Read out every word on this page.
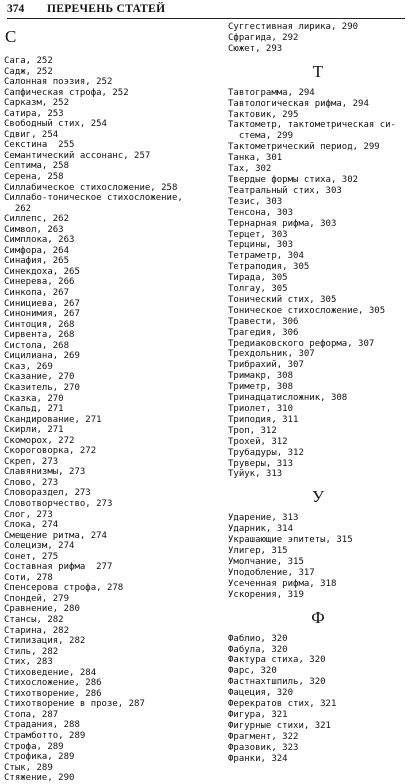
374 ПЕРЕЧЕНЬ СТАТЕЙ
С
Сага, 252
Садж, 252
Салонная поэзия, 252
Сапфическая строфа, 252
Сарказм, 252
Сатира, 253
Свободный стих, 254
Сдвиг, 254
Секстина  255
Семантический ассонанс, 257
Септима, 258
Серена, 258
Силлабическое стихосложение, 258
Силлабо-тоническое стихосложение,
262
Силлепс, 262
Символ, 263
Симплока, 263
Симфора, 264
Синафия, 265
Синекдоха, 265
Синерева, 266
Синкопа, 267
Синициева, 267
Синонимия, 267
Синтоция, 268
Сирвента, 268
Систола, 268
Сицилиана, 269
Сказ, 269
Сказание, 270
Сказитель, 270
Сказка, 270
Скальд, 271
Скандирование, 271
Скирли, 271
Скоморох, 272
Скороговорка, 272
Скреп, 273
Славянизмы, 273
Слово, 273
Словораздел, 273
Словотворчество, 273
Слог, 273
Слока, 274
Смещение ритма, 274
Солецизм, 274
Сонет, 275
Составная рифма  277
Соти, 278
Спенсерова строфа, 278
Спондей, 279
Сравнение, 280
Стансы, 282
Старина, 282
Стилизация, 282
Стиль, 282
Стих, 283
Стиховедение, 284
Стихосложение, 286
Стихотворение, 286
Стихотворение в прозе, 287
Стопа, 287
Страдания, 288
Страмботто, 289
Строфа, 289
Строфика, 289
Стык, 289
Стяжение, 290
Суггестивная лирика, 290
Сфрагида, 292
Сюжет, 293
Т
Тавтограмма, 294
Тавтологическая рифма, 294
Тактовик, 295
Тактометр, тактометрическая си-
стема, 299
Тактометрический период, 299
Танка, 301
Тах, 302
Твердые формы стиха, 302
Театральный стих, 303
Тезис, 303
Тенсона, 303
Тернарная рифма, 303
Терцет, 303
Терцины, 303
Тетраметр, 304
Тетраподия, 305
Тирада, 305
Толгау, 305
Тонический стих, 305
Тоническое стихосложение, 305
Травести, 306
Трагедия, 306
Тредиаковского реформа, 307
Трехдольник, 307
Трибрахий, 307
Тримакр, 308
Триметр, 308
Тринадцатисложник, 308
Триолет, 310
Триподия, 311
Троп, 312
Трохей, 312
Трубадуры, 312
Труверы, 313
Туйук, 313
У
Ударение, 313
Ударник, 314
Украшающие эпитеты, 315
Улигер, 315
Умолчание, 315
Уподобление, 317
Усеченная рифма, 318
Ускорения, 319
Ф
Фаблио, 320
Фабула, 320
Фактура стиха, 320
Фарс, 320
Фастнахтшпиль, 320
Фацеция, 320
Ферекратов стих, 321
Фигура, 321
Фигурные стихи, 321
Фрагмент, 322
Фразовик, 323
Франки, 324
